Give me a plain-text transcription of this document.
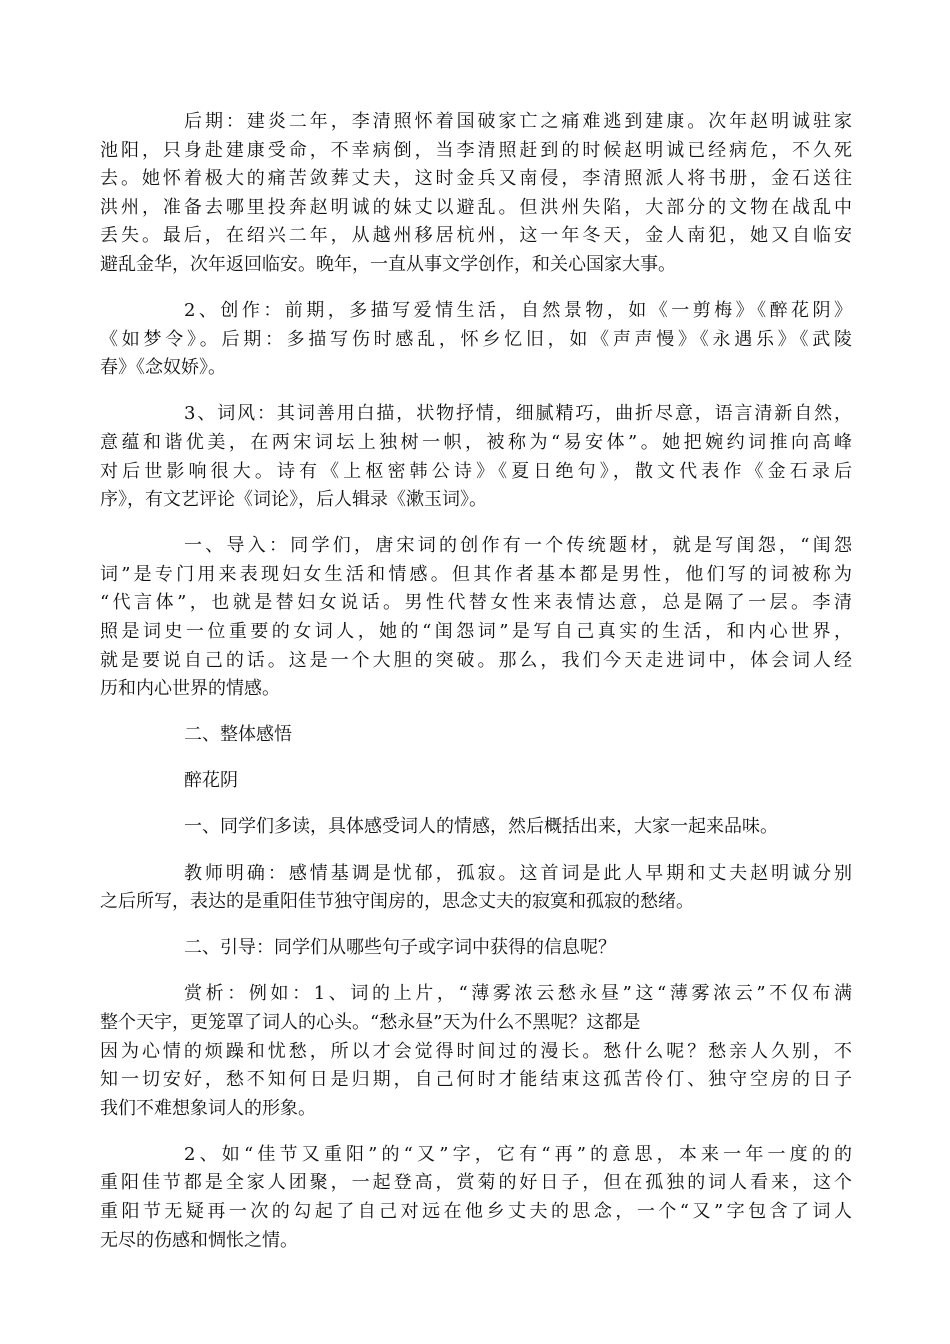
后期：建炎二年，李清照怀着国破家亡之痛难逃到建康。次年赵明诚驻家
池阳，只身赴建康受命，不幸病倒，当李清照赶到的时候赵明诚已经病危，不久死
去。她怀着极大的痛苦敛葬丈夫，这时金兵又南侵，李清照派人将书册，金石送往
洪州，准备去哪里投奔赵明诚的妹丈以避乱。但洪州失陷，大部分的文物在战乱中
丢失。最后，在绍兴二年，从越州移居杭州，这一年冬天，金人南犯，她又自临安
避乱金华，次年返回临安。晚年，一直从事文学创作，和关心国家大事。

2、创作：前期，多描写爱情生活，自然景物，如《一剪梅》《醉花阴》
《如梦令》。后期：多描写伤时感乱，怀乡忆旧，如《声声慢》《永遇乐》《武陵
春》《念奴娇》。

3、词风：其词善用白描，状物抒情，细腻精巧，曲折尽意，语言清新自然，
意蕴和谐优美，在两宋词坛上独树一帜，被称为“易安体”。她把婉约词推向高峰
对后世影响很大。诗有《上枢密韩公诗》《夏日绝句》，散文代表作《金石录后
序》，有文艺评论《词论》，后人辑录《漱玉词》。

一、导入：同学们，唐宋词的创作有一个传统题材，就是写闺怨，“闺怨
词”是专门用来表现妇女生活和情感。但其作者基本都是男性，他们写的词被称为
“代言体”，也就是替妇女说话。男性代替女性来表情达意，总是隔了一层。李清
照是词史一位重要的女词人，她的“闺怨词”是写自己真实的生活，和内心世界，
就是要说自己的话。这是一个大胆的突破。那么，我们今天走进词中，体会词人经
历和内心世界的情感。

二、整体感悟

醉花阴

一、同学们多读，具体感受词人的情感，然后概括出来，大家一起来品味。

教师明确：感情基调是忧郁，孤寂。这首词是此人早期和丈夫赵明诚分别
之后所写，表达的是重阳佳节独守闺房的，思念丈夫的寂寞和孤寂的愁绪。

二、引导：同学们从哪些句子或字词中获得的信息呢？

赏析：例如：1、词的上片，“薄雾浓云愁永昼”这“薄雾浓云”不仅布满
整个天宇，更笼罩了词人的心头。“愁永昼”天为什么不黑呢？这都是
因为心情的烦躁和忧愁，所以才会觉得时间过的漫长。愁什么呢？愁亲人久别，不
知一切安好，愁不知何日是归期，自己何时才能结束这孤苦伶仃、独守空房的日子
我们不难想象词人的形象。

2、如“佳节又重阳”的“又”字，它有“再”的意思，本来一年一度的的
重阳佳节都是全家人团聚，一起登高，赏菊的好日子，但在孤独的词人看来，这个
重阳节无疑再一次的勾起了自己对远在他乡丈夫的思念，一个“又”字包含了词人
无尽的伤感和惆怅之情。
